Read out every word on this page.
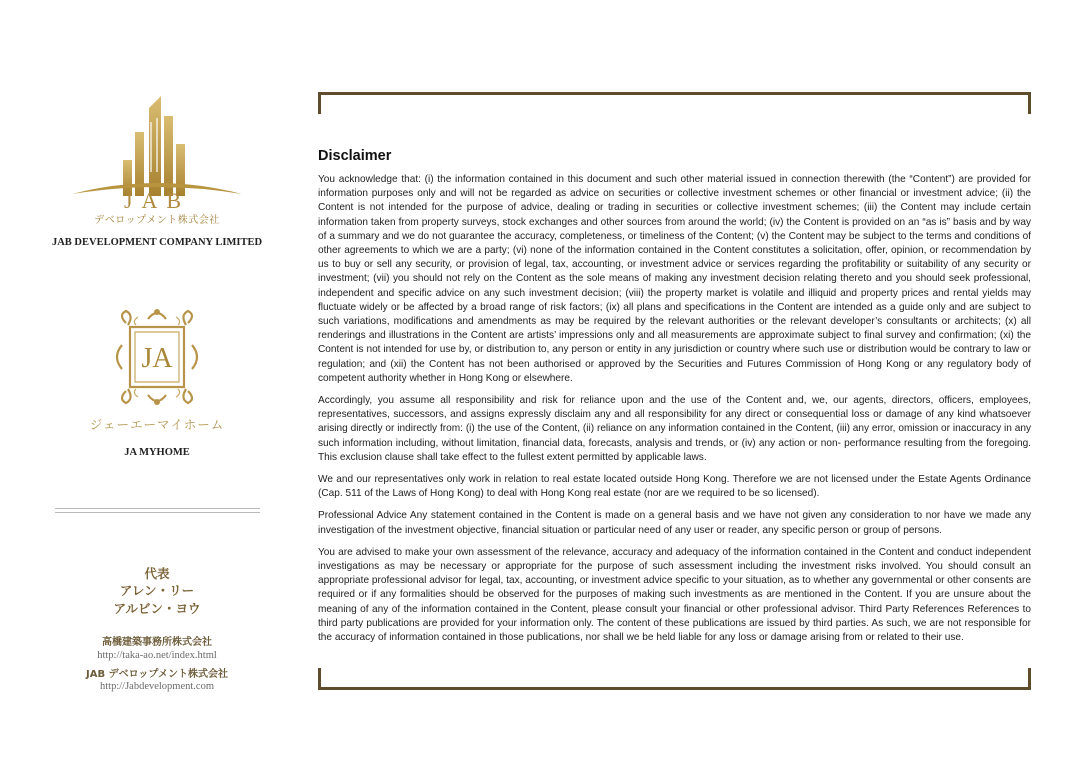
JAB
デベロップメント株式会社
JAB DEVELOPMENT COMPANY LIMITED
JA
ジェーエーマイホーム
JA MYHOME
代表
アレン・リー
アルビン・ヨウ
高橋建築事務所株式会社
http://taka-ao.net/index.html
JAB デベロップメント株式会社
http://Jabdevelopment.com
Disclaimer

You acknowledge that: (i) the information contained in this document and such other material issued in connection therewith (the “Content”) are provided for information purposes only and will not be regarded as advice on securities or collective investment schemes or other financial or investment advice; (ii) the Content is not intended for the purpose of advice, dealing or trading in securities or collective investment schemes; (iii) the Content may include certain information taken from property surveys, stock exchanges and other sources from around the world; (iv) the Content is provided on an “as is” basis and by way of a summary and we do not guarantee the accuracy, completeness, or timeliness of the Content; (v) the Content may be subject to the terms and conditions of other agreements to which we are a party; (vi) none of the information contained in the Content constitutes a solicitation, offer, opinion, or recommendation by us to buy or sell any security, or provision of legal, tax, accounting, or investment advice or services regarding the profitability or suitability of any security or investment; (vii) you should not rely on the Content as the sole means of making any investment decision relating thereto and you should seek professional, independent and specific advice on any such investment decision; (viii) the property market is volatile and illiquid and property prices and rental yields may fluctuate widely or be affected by a broad range of risk factors; (ix) all plans and specifications in the Content are intended as a guide only and are subject to such variations, modifications and amendments as may be required by the relevant authorities or the relevant developer’s consultants or architects; (x) all renderings and illustrations in the Content are artists’ impressions only and all measurements are approximate subject to final survey and confirmation; (xi) the Content is not intended for use by, or distribution to, any person or entity in any jurisdiction or country where such use or distribution would be contrary to law or regulation; and (xii) the Content has not been authorised or approved by the Securities and Futures Commission of Hong Kong or any regulatory body of competent authority whether in Hong Kong or elsewhere.

Accordingly, you assume all responsibility and risk for reliance upon and the use of the Content and, we, our agents, directors, officers, employees, representatives, successors, and assigns expressly disclaim any and all responsibility for any direct or consequential loss or damage of any kind whatsoever arising directly or indirectly from: (i) the use of the Content, (ii) reliance on any information contained in the Content, (iii) any error, omission or inaccuracy in any such information including, without limitation, financial data, forecasts, analysis and trends, or (iv) any action or non- performance resulting from the foregoing. This exclusion clause shall take effect to the fullest extent permitted by applicable laws.

We and our representatives only work in relation to real estate located outside Hong Kong. Therefore we are not licensed under the Estate Agents Ordinance (Cap. 511 of the Laws of Hong Kong) to deal with Hong Kong real estate (nor are we required to be so licensed).

Professional Advice Any statement contained in the Content is made on a general basis and we have not given any consideration to nor have we made any investigation of the investment objective, financial situation or particular need of any user or reader, any specific person or group of persons.

You are advised to make your own assessment of the relevance, accuracy and adequacy of the information contained in the Content and conduct independent investigations as may be necessary or appropriate for the purpose of such assessment including the investment risks involved. You should consult an appropriate professional advisor for legal, tax, accounting, or investment advice specific to your situation, as to whether any governmental or other consents are required or if any formalities should be observed for the purposes of making such investments as are mentioned in the Content. If you are unsure about the meaning of any of the information contained in the Content, please consult your financial or other professional advisor. Third Party References References to third party publications are provided for your information only. The content of these publications are issued by third parties. As such, we are not responsible for the accuracy of information contained in those publications, nor shall we be held liable for any loss or damage arising from or related to their use.
